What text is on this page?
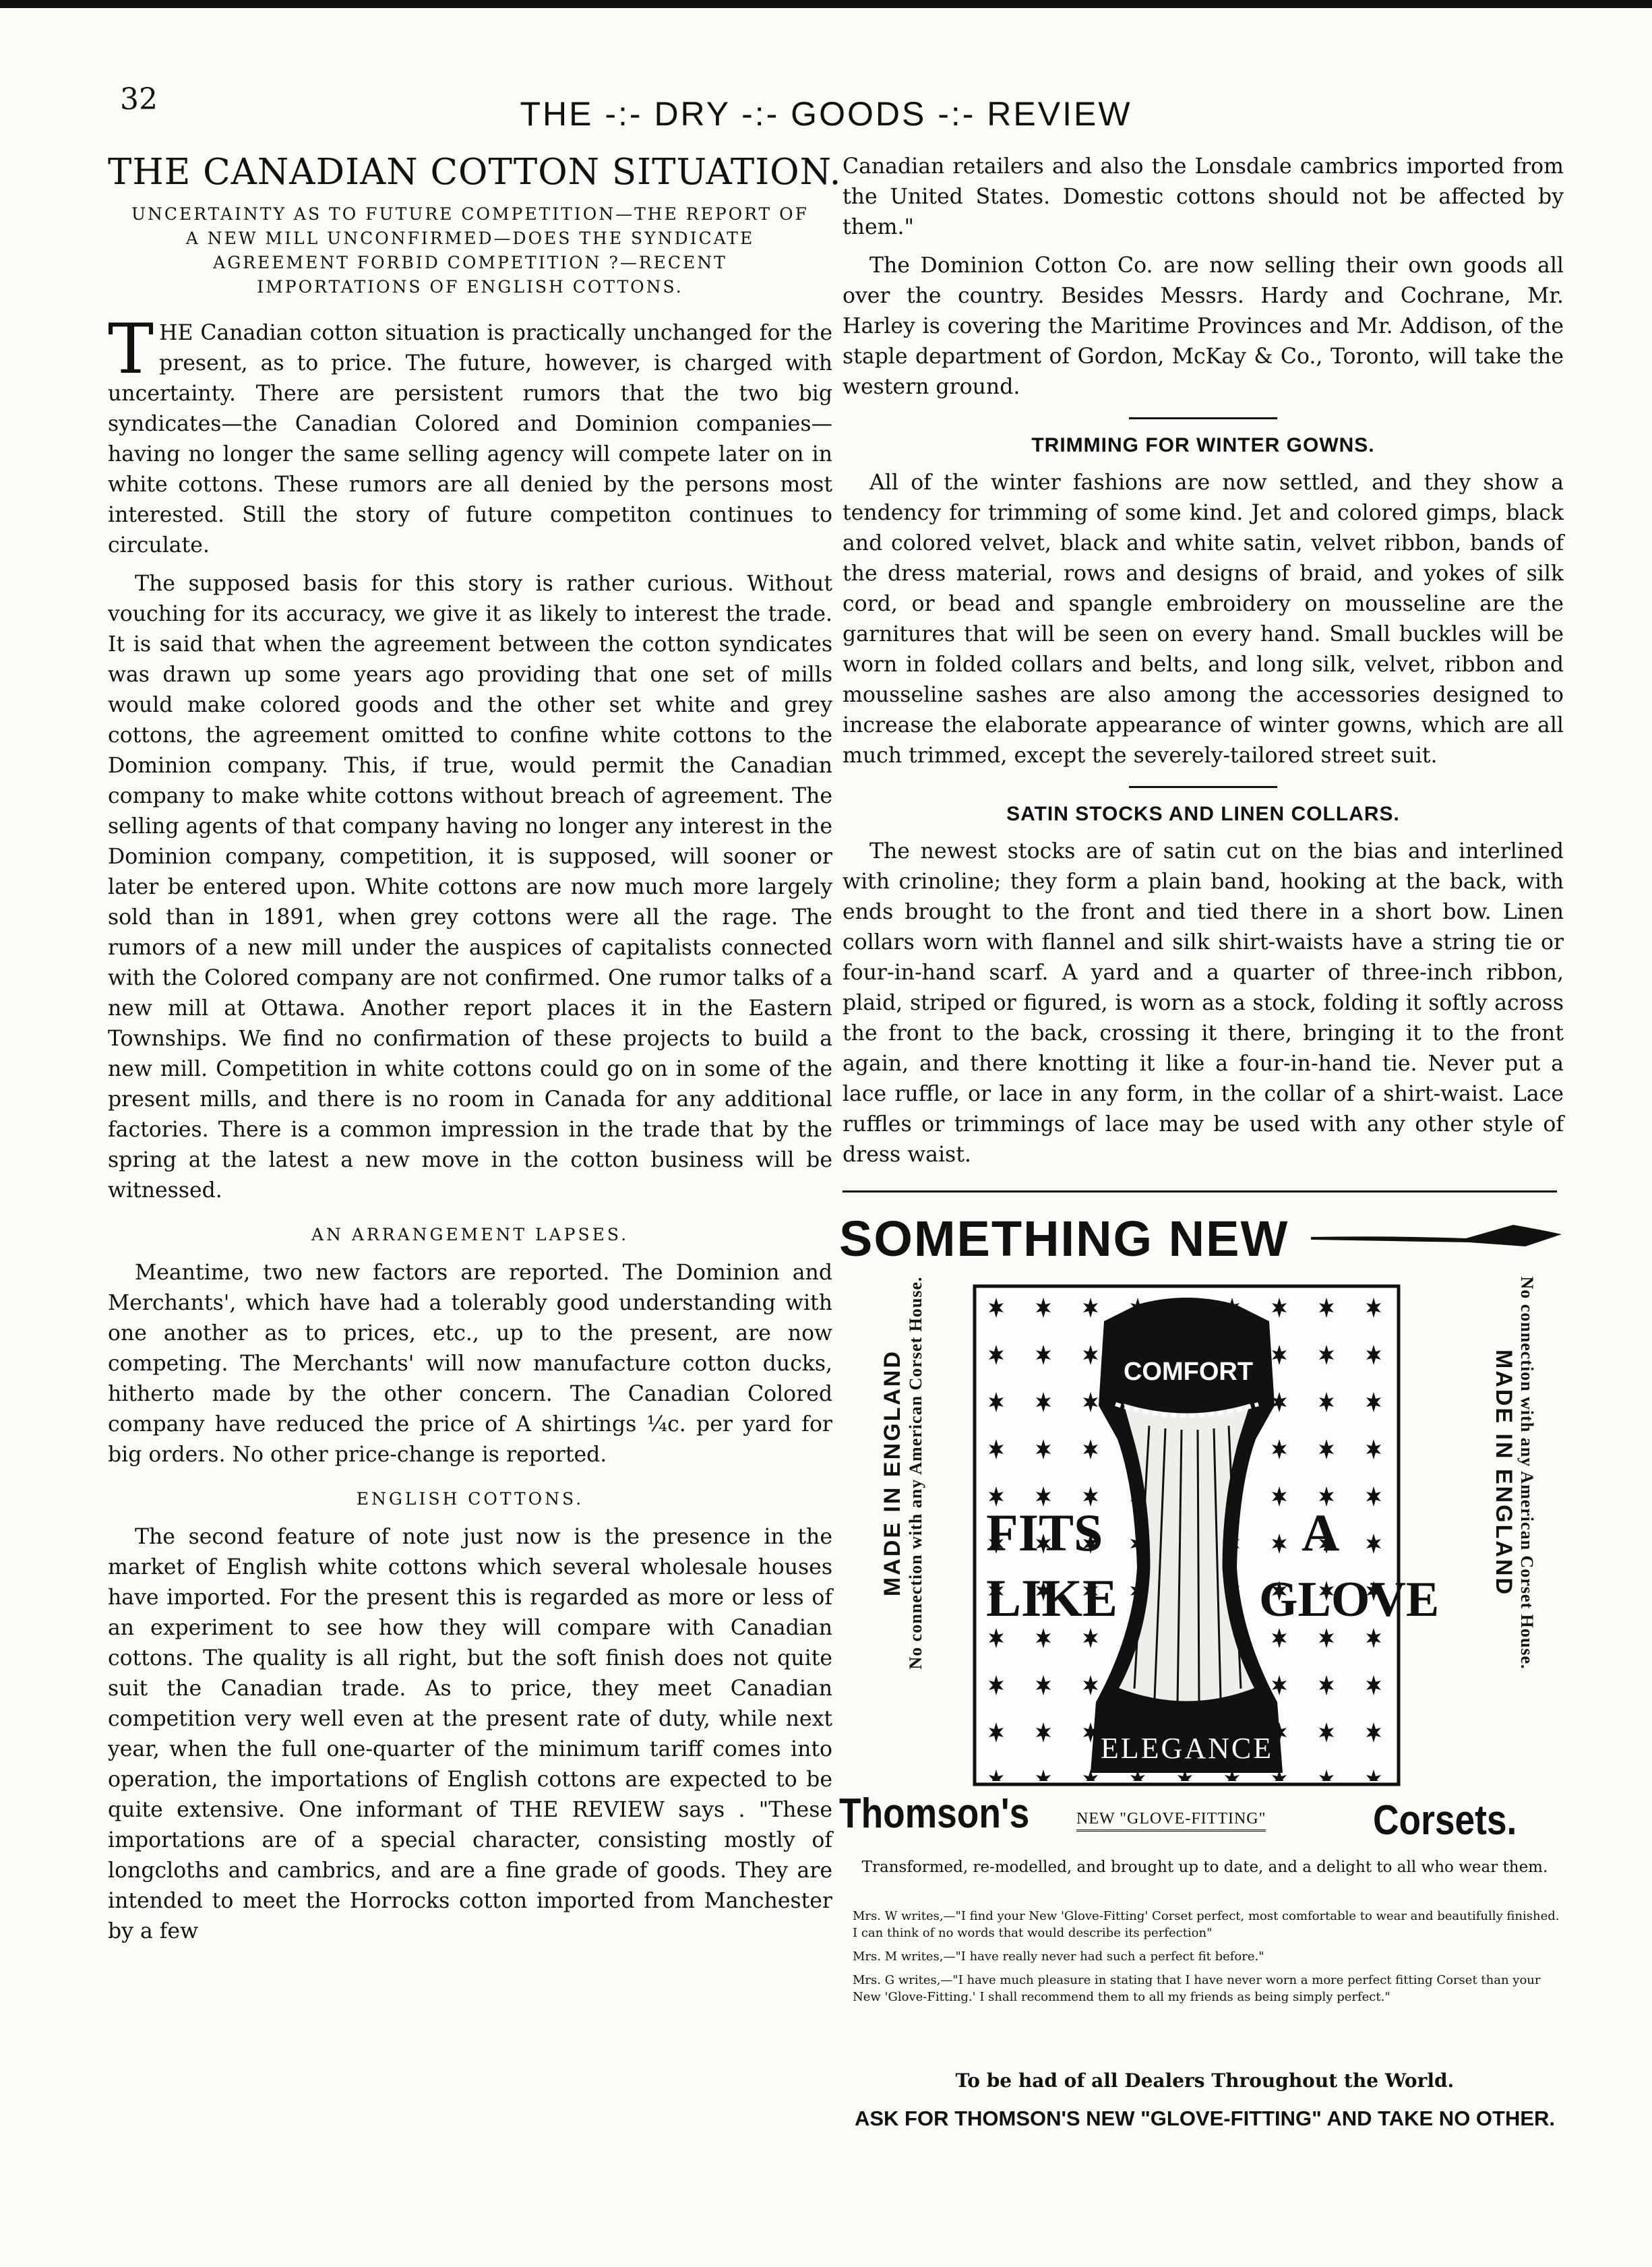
32	THE -:- DRY -:- GOODS -:- REVIEW
THE CANADIAN COTTON SITUATION.
UNCERTAINTY AS TO FUTURE COMPETITION—THE REPORT OF A NEW MILL UNCONFIRMED—DOES THE SYNDICATE AGREEMENT FORBID COMPETITION ?—RECENT IMPORTATIONS OF ENGLISH COTTONS.

THE Canadian cotton situation is practically unchanged for the present, as to price. The future, however, is charged with uncertainty. There are persistent rumors that the two big syndicates—the Canadian Colored and Dominion companies—having no longer the same selling agency will compete later on in white cottons. These rumors are all denied by the persons most interested. Still the story of future competiton continues to circulate.

The supposed basis for this story is rather curious. Without vouching for its accuracy, we give it as likely to interest the trade. It is said that when the agreement between the cotton syndicates was drawn up some years ago providing that one set of mills would make colored goods and the other set white and grey cottons, the agreement omitted to confine white cottons to the Dominion company. This, if true, would permit the Canadian company to make white cottons without breach of agreement. The selling agents of that company having no longer any interest in the Dominion company, competition, it is supposed, will sooner or later be entered upon. White cottons are now much more largely sold than in 1891, when grey cottons were all the rage. The rumors of a new mill under the auspices of capitalists connected with the Colored company are not confirmed. One rumor talks of a new mill at Ottawa. Another report places it in the Eastern Townships. We find no confirmation of these projects to build a new mill. Competition in white cottons could go on in some of the present mills, and there is no room in Canada for any additional factories. There is a common impression in the trade that by the spring at the latest a new move in the cotton business will be witnessed.

AN ARRANGEMENT LAPSES.

Meantime, two new factors are reported. The Dominion and Merchants', which have had a tolerably good understanding with one another as to prices, etc., up to the present, are now competing. The Merchants' will now manufacture cotton ducks, hitherto made by the other concern. The Canadian Colored company have reduced the price of A shirtings ¼c. per yard for big orders. No other price-change is reported.

ENGLISH COTTONS.

The second feature of note just now is the presence in the market of English white cottons which several wholesale houses have imported. For the present this is regarded as more or less of an experiment to see how they will compare with Canadian cottons. The quality is all right, but the soft finish does not quite suit the Canadian trade. As to price, they meet Canadian competition very well even at the present rate of duty, while next year, when the full one-quarter of the minimum tariff comes into operation, the importations of English cottons are expected to be quite extensive. One informant of THE REVIEW says . "These importations are of a special character, consisting mostly of longcloths and cambrics, and are a fine grade of goods. They are intended to meet the Horrocks cotton imported from Manchester by a few

Canadian retailers and also the Lonsdale cambrics imported from the United States. Domestic cottons should not be affected by them."

The Dominion Cotton Co. are now selling their own goods all over the country. Besides Messrs. Hardy and Cochrane, Mr. Harley is covering the Maritime Provinces and Mr. Addison, of the staple department of Gordon, McKay & Co., Toronto, will take the western ground.

TRIMMING FOR WINTER GOWNS.

All of the winter fashions are now settled, and they show a tendency for trimming of some kind. Jet and colored gimps, black and colored velvet, black and white satin, velvet ribbon, bands of the dress material, rows and designs of braid, and yokes of silk cord, or bead and spangle embroidery on mousseline are the garnitures that will be seen on every hand. Small buckles will be worn in folded collars and belts, and long silk, velvet, ribbon and mousseline sashes are also among the accessories designed to increase the elaborate appearance of winter gowns, which are all much trimmed, except the severely-tailored street suit.

SATIN STOCKS AND LINEN COLLARS.

The newest stocks are of satin cut on the bias and interlined with crinoline; they form a plain band, hooking at the back, with ends brought to the front and tied there in a short bow. Linen collars worn with flannel and silk shirt-waists have a string tie or four-in-hand scarf. A yard and a quarter of three-inch ribbon, plaid, striped or figured, is worn as a stock, folding it softly across the front to the back, crossing it there, bringing it to the front again, and there knotting it like a four-in-hand tie. Never put a lace ruffle, or lace in any form, in the collar of a shirt-waist. Lace ruffles or trimmings of lace may be used with any other style of dress waist.

SOMETHING NEW
MADE IN ENGLAND No connection with any American Corset House.	No connection with any American Corset House.
MADE IN ENGLAND
COMFORT
FITS
LIKE
A
GLOVE
ELEGANCE
Thomson's	NEW "GLOVE-FITTING"	Corsets.
Transformed, re-modelled, and brought up to date, and a delight to all who wear them.
Mrs. W writes,—"I find your New 'Glove-Fitting' Corset perfect, most comfortable to wear and beautifully finished. I can think of no words that would describe its perfection"
Mrs. M writes,—"I have really never had such a perfect fit before."
Mrs. G writes,—"I have much pleasure in stating that I have never worn a more perfect fitting Corset than your New 'Glove-Fitting.' I shall recommend them to all my friends as being simply perfect."
To be had of all Dealers Throughout the World.
ASK FOR THOMSON'S NEW "GLOVE-FITTING" AND TAKE NO OTHER.
